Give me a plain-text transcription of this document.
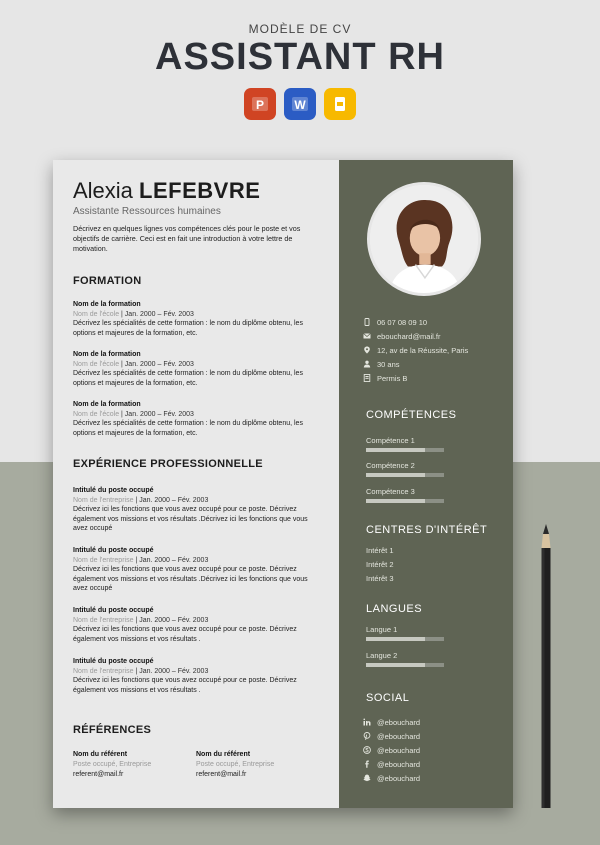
MODÈLE DE CV
ASSISTANT RH
P	W
Alexia LEFEBVRE
Assistante Ressources humaines
Décrivez en quelques lignes vos compétences clés pour le poste et vos objectifs de carrière. Ceci est en fait une introduction à votre lettre de motivation.
FORMATION
Nom de la formation
Nom de l'école | Jan. 2000 – Fév. 2003
Décrivez les spécialités de cette formation : le nom du diplôme obtenu, les options et majeures de la formation, etc.
Nom de la formation
Nom de l'école | Jan. 2000 – Fév. 2003
Décrivez les spécialités de cette formation : le nom du diplôme obtenu, les options et majeures de la formation, etc.
Nom de la formation
Nom de l'école | Jan. 2000 – Fév. 2003
Décrivez les spécialités de cette formation : le nom du diplôme obtenu, les options et majeures de la formation, etc.
EXPÉRIENCE PROFESSIONNELLE
Intitulé du poste occupé
Nom de l'entreprise | Jan. 2000 – Fév. 2003
Décrivez ici les fonctions que vous avez occupé pour ce poste. Décrivez également vos missions et vos résultats .Décrivez ici les fonctions que vous avez occupé
Intitulé du poste occupé
Nom de l'entreprise | Jan. 2000 – Fév. 2003
Décrivez ici les fonctions que vous avez occupé pour ce poste. Décrivez également vos missions et vos résultats .Décrivez ici les fonctions que vous avez occupé
Intitulé du poste occupé
Nom de l'entreprise | Jan. 2000 – Fév. 2003
Décrivez ici les fonctions que vous avez occupé pour ce poste. Décrivez également vos missions et vos résultats .
Intitulé du poste occupé
Nom de l'entreprise | Jan. 2000 – Fév. 2003
Décrivez ici les fonctions que vous avez occupé pour ce poste. Décrivez également vos missions et vos résultats .
RÉFÉRENCES
Nom du référent
Poste occupé, Entreprise
referent@mail.fr
Nom du référent
Poste occupé, Entreprise
referent@mail.fr
06 07 08 09 10
ebouchard@mail.fr
12, av de la Réussite, Paris
30 ans
Permis B
COMPÉTENCES
Compétence 1
Compétence 2
Compétence 3
CENTRES D'INTÉRÊT
Intérêt 1
Intérêt 2
Intérêt 3
LANGUES
Langue 1
Langue 2
SOCIAL
@ebouchard
@ebouchard
@ebouchard
@ebouchard
@ebouchard
